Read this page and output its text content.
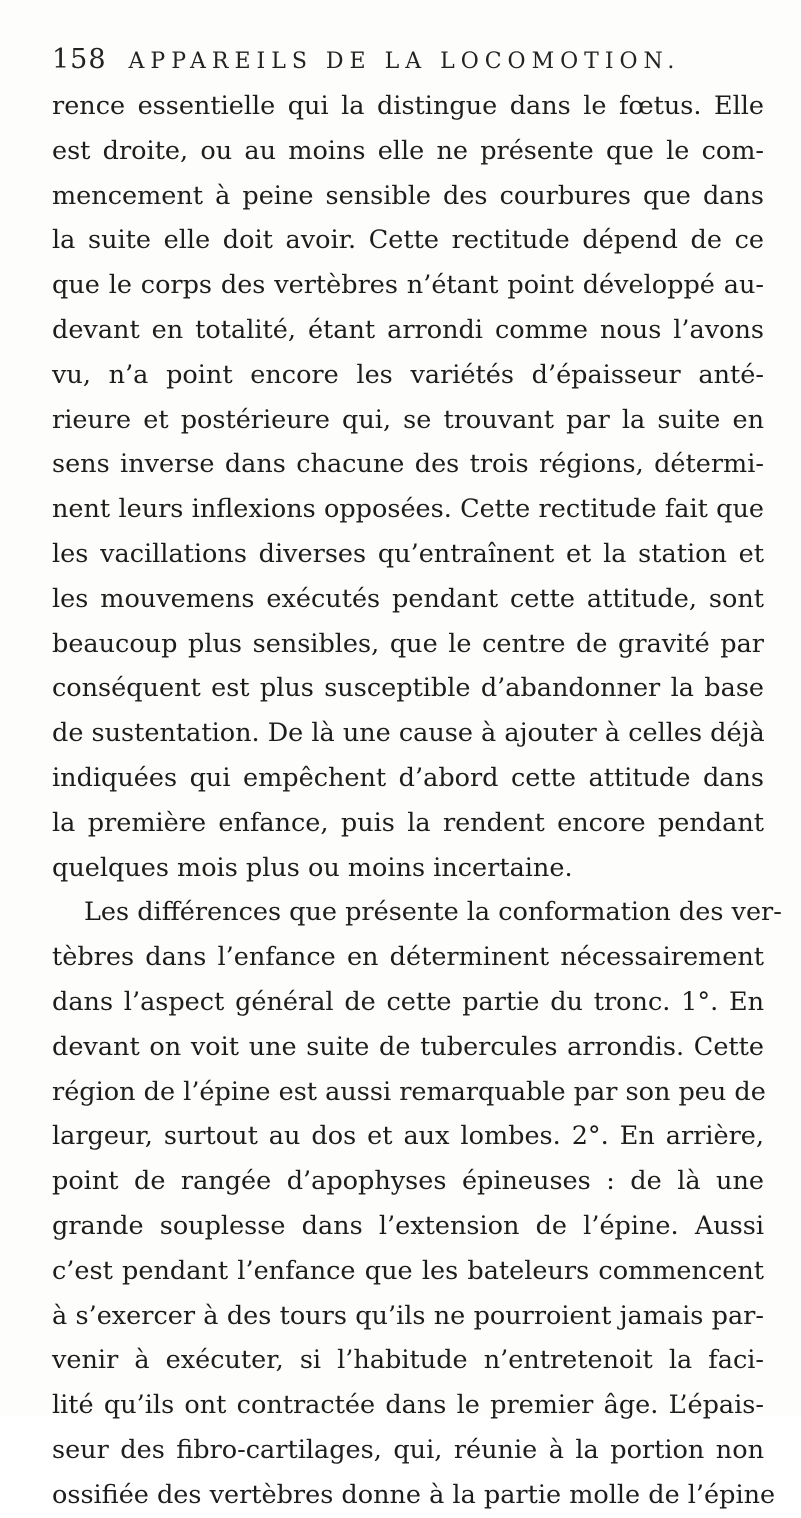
158 APPAREILS DE LA LOCOMOTION.
rence essentielle qui la distingue dans le fœtus. Elle
est droite, ou au moins elle ne présente que le com-
mencement à peine sensible des courbures que dans
la suite elle doit avoir. Cette rectitude dépend de ce
que le corps des vertèbres n’étant point développé au-
devant en totalité, étant arrondi comme nous l’avons
vu, n’a point encore les variétés d’épaisseur anté-
rieure et postérieure qui, se trouvant par la suite en
sens inverse dans chacune des trois régions, détermi-
nent leurs inflexions opposées. Cette rectitude fait que
les vacillations diverses qu’entraînent et la station et
les mouvemens exécutés pendant cette attitude, sont
beaucoup plus sensibles, que le centre de gravité par
conséquent est plus susceptible d’abandonner la base
de sustentation. De là une cause à ajouter à celles déjà
indiquées qui empêchent d’abord cette attitude dans
la première enfance, puis la rendent encore pendant
quelques mois plus ou moins incertaine.
Les différences que présente la conformation des ver-
tèbres dans l’enfance en déterminent nécessairement
dans l’aspect général de cette partie du tronc. 1°. En
devant on voit une suite de tubercules arrondis. Cette
région de l’épine est aussi remarquable par son peu de
largeur, surtout au dos et aux lombes. 2°. En arrière,
point de rangée d’apophyses épineuses : de là une
grande souplesse dans l’extension de l’épine. Aussi
c’est pendant l’enfance que les bateleurs commencent
à s’exercer à des tours qu’ils ne pourroient jamais par-
venir à exécuter, si l’habitude n’entretenoit la faci-
lité qu’ils ont contractée dans le premier âge. L’épais-
seur des fibro-cartilages, qui, réunie à la portion non
ossifiée des vertèbres donne à la partie molle de l’épine
